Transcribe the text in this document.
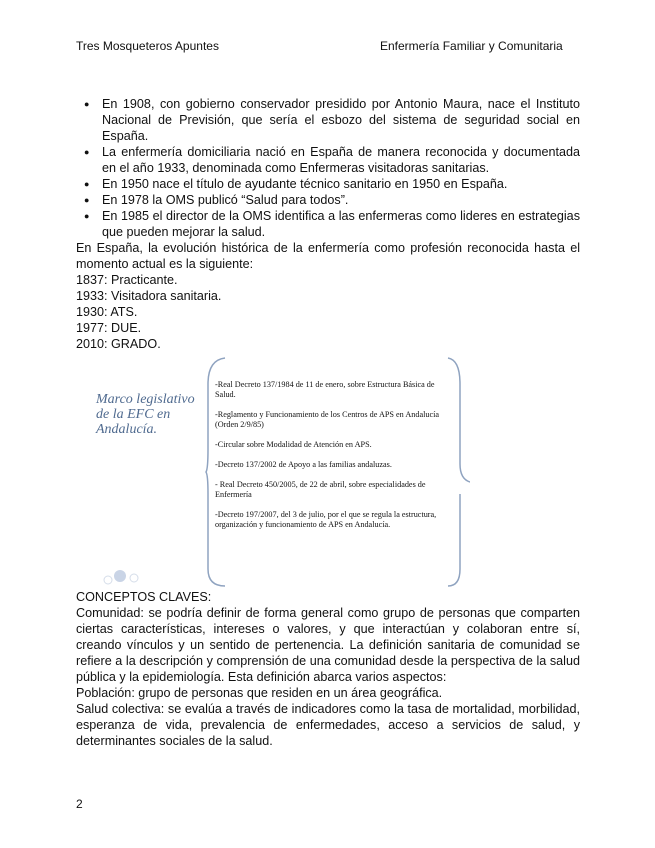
Tres Mosqueteros Apuntes	Enfermería Familiar y Comunitaria
● En 1908, con gobierno conservador presidido por Antonio Maura, nace el Instituto Nacional de Previsión, que sería el esbozo del sistema de seguridad social en España.
● La enfermería domiciliaria nació en España de manera reconocida y documentada en el año 1933, denominada como Enfermeras visitadoras sanitarias.
● En 1950 nace el título de ayudante técnico sanitario en 1950 en España.
● En 1978 la OMS publicó “Salud para todos”.
● En 1985 el director de la OMS identifica a las enfermeras como lideres en estrategias que pueden mejorar la salud.

En España, la evolución histórica de la enfermería como profesión reconocida hasta el momento actual es la siguiente:

1837: Practicante.

1933: Visitadora sanitaria.

1930: ATS.

1977: DUE.

2010: GRADO.

Marco legislativo de la EFC en Andalucía.
-Real Decreto 137/1984 de 11 de enero, sobre Estructura Básica de Salud.
-Reglamento y Funcionamiento de los Centros de APS en Andalucía (Orden 2/9/85)
-Circular sobre Modalidad de Atención en APS.
-Decreto 137/2002 de Apoyo a las familias andaluzas.
- Real Decreto 450/2005, de 22 de abril, sobre especialidades de Enfermería
-Decreto 197/2007, del 3 de julio, por el que se regula la estructura, organización y funcionamiento de APS en Andalucía.

CONCEPTOS CLAVES:

Comunidad: se podría definir de forma general como grupo de personas que comparten ciertas características, intereses o valores, y que interactúan y colaboran entre sí, creando vínculos y un sentido de pertenencia. La definición sanitaria de comunidad se refiere a la descripción y comprensión de una comunidad desde la perspectiva de la salud pública y la epidemiología. Esta definición abarca varios aspectos:

Población: grupo de personas que residen en un área geográfica.

Salud colectiva: se evalúa a través de indicadores como la tasa de mortalidad, morbilidad, esperanza de vida, prevalencia de enfermedades, acceso a servicios de salud, y determinantes sociales de la salud.

2
